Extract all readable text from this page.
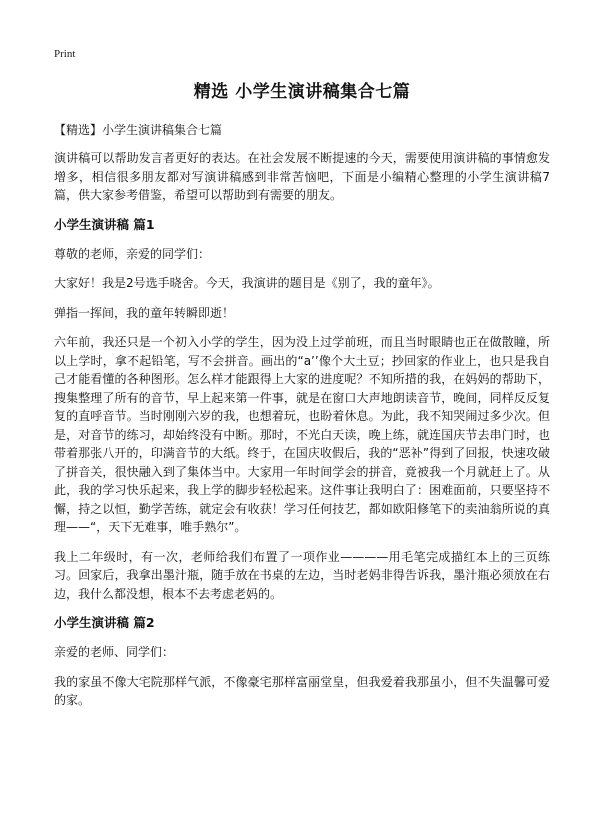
Print
精选 小学生演讲稿集合七篇

【精选】小学生演讲稿集合七篇

演讲稿可以帮助发言者更好的表达。在社会发展不断提速的今天，需要使用演讲稿的事情愈发增多，相信很多朋友都对写演讲稿感到非常苦恼吧，下面是小编精心整理的小学生演讲稿7篇，供大家参考借鉴，希望可以帮助到有需要的朋友。

小学生演讲稿 篇1

尊敬的老师，亲爱的同学们：

大家好！我是2号选手晓舍。今天，我演讲的题目是《别了，我的童年》。

弹指一挥间，我的童年转瞬即逝！

六年前，我还只是一个初入小学的学生，因为没上过学前班，而且当时眼睛也正在做散瞳，所以上学时，拿不起铅笔，写不会拼音。画出的“a’’像个大土豆；抄回家的作业上，也只是我自己才能看懂的各种图形。怎么样才能跟得上大家的进度呢？不知所措的我，在妈妈的帮助下，搜集整理了所有的音节，早上起来第一件事，就是在窗口大声地朗读音节，晚间，同样反反复复的直呼音节。当时刚刚六岁的我，也想着玩，也盼着休息。为此，我不知哭闹过多少次。但是，对音节的练习，却始终没有中断。那时，不光白天读，晚上练，就连国庆节去串门时，也带着那张八开的，印满音节的大纸。终于，在国庆收假后，我的“恶补”得到了回报，快速攻破了拼音关，很快融入到了集体当中。大家用一年时间学会的拼音，竟被我一个月就赶上了。从此，我的学习快乐起来，我上学的脚步轻松起来。这件事让我明白了：困难面前，只要坚持不懈，持之以恒，勤学苦练，就定会有收获！学习任何技艺，都如欧阳修笔下的卖油翁所说的真理——“，天下无难事，唯手熟尔”。

我上二年级时，有一次，老师给我们布置了一项作业————用毛笔完成描红本上的三页练习。回家后，我拿出墨汁瓶，随手放在书桌的左边，当时老妈非得告诉我，墨汁瓶必须放在右边，我什么都没想，根本不去考虑老妈的。

小学生演讲稿 篇2

亲爱的老师、同学们：

我的家虽不像大宅院那样气派，不像豪宅那样富丽堂皇，但我爱着我那虽小，但不失温馨可爱的家。
